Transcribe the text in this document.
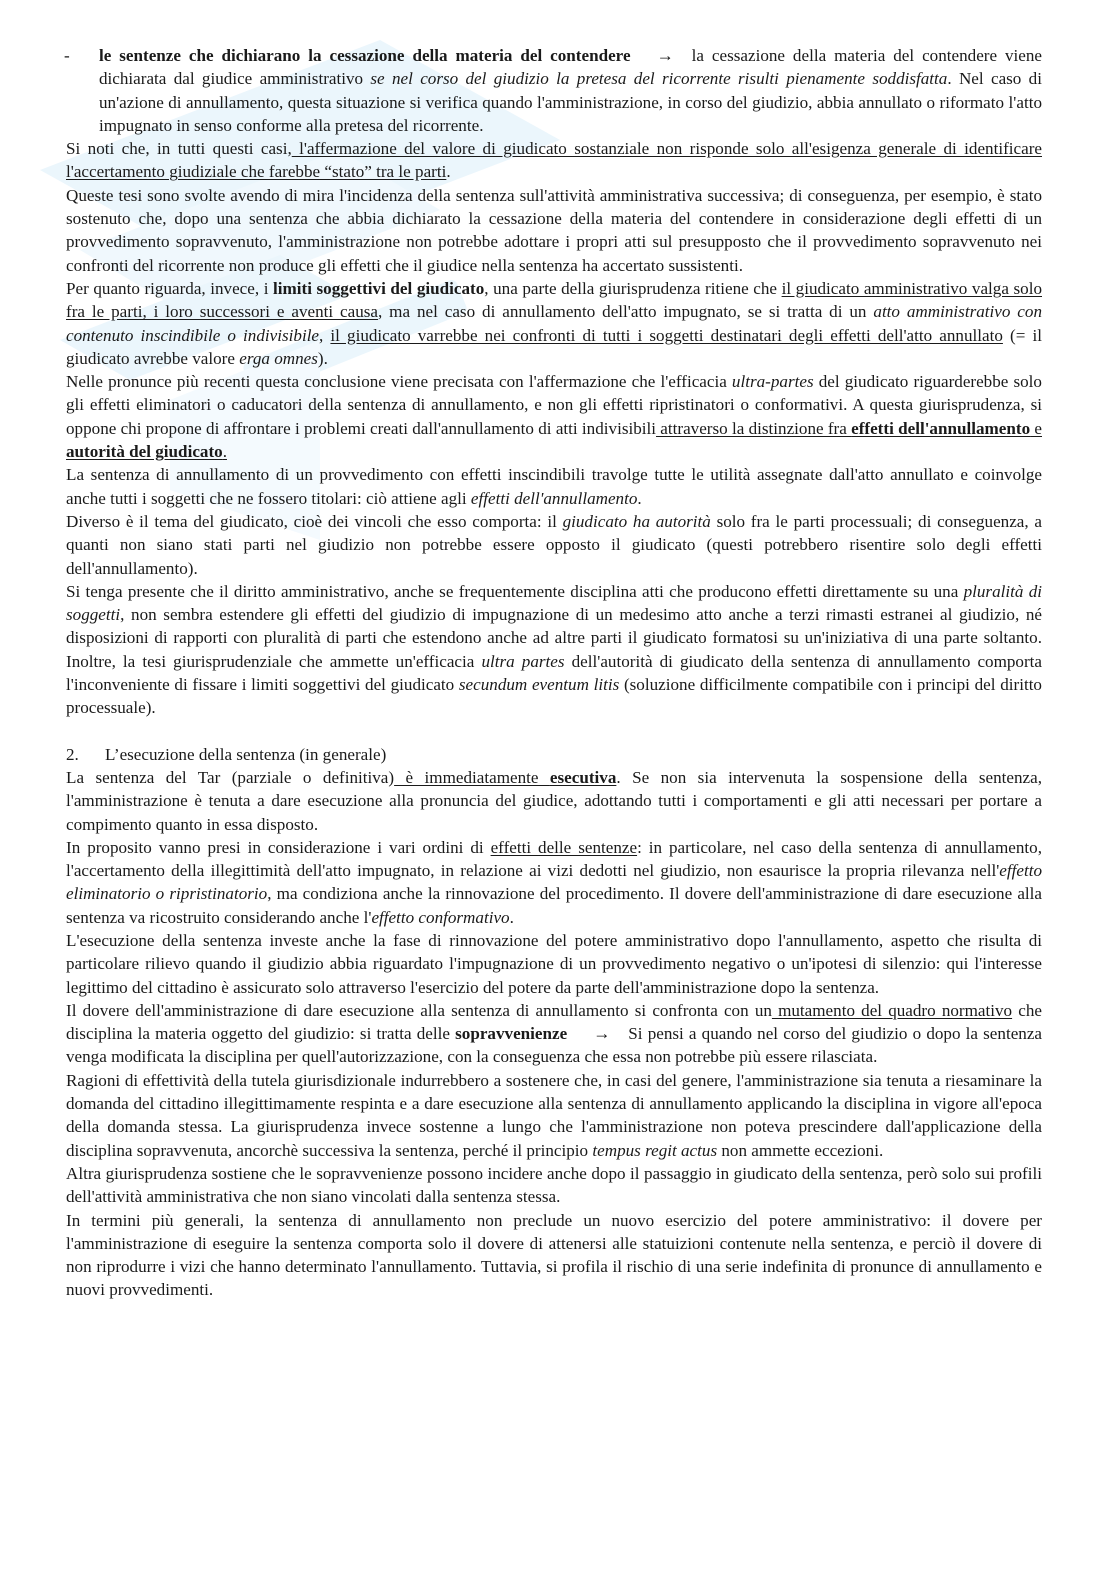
- le sentenze che dichiarano la cessazione della materia del contendere → la cessazione della materia del contendere viene dichiarata dal giudice amministrativo se nel corso del giudizio la pretesa del ricorrente risulti pienamente soddisfatta. Nel caso di un'azione di annullamento, questa situazione si verifica quando l'amministrazione, in corso del giudizio, abbia annullato o riformato l'atto impugnato in senso conforme alla pretesa del ricorrente.

Si noti che, in tutti questi casi, l'affermazione del valore di giudicato sostanziale non risponde solo all'esigenza generale di identificare l'accertamento giudiziale che farebbe “stato” tra le parti.

Queste tesi sono svolte avendo di mira l'incidenza della sentenza sull'attività amministrativa successiva; di conseguenza, per esempio, è stato sostenuto che, dopo una sentenza che abbia dichiarato la cessazione della materia del contendere in considerazione degli effetti di un provvedimento sopravvenuto, l'amministrazione non potrebbe adottare i propri atti sul presupposto che il provvedimento sopravvenuto nei confronti del ricorrente non produce gli effetti che il giudice nella sentenza ha accertato sussistenti.

Per quanto riguarda, invece, i limiti soggettivi del giudicato, una parte della giurisprudenza ritiene che il giudicato amministrativo valga solo fra le parti, i loro successori e aventi causa, ma nel caso di annullamento dell'atto impugnato, se si tratta di un atto amministrativo con contenuto inscindibile o indivisibile, il giudicato varrebbe nei confronti di tutti i soggetti destinatari degli effetti dell'atto annullato (= il giudicato avrebbe valore erga omnes).

Nelle pronunce più recenti questa conclusione viene precisata con l'affermazione che l'efficacia ultra-partes del giudicato riguarderebbe solo gli effetti eliminatori o caducatori della sentenza di annullamento, e non gli effetti ripristinatori o conformativi. A questa giurisprudenza, si oppone chi propone di affrontare i problemi creati dall'annullamento di atti indivisibili attraverso la distinzione fra effetti dell'annullamento e autorità del giudicato.

La sentenza di annullamento di un provvedimento con effetti inscindibili travolge tutte le utilità assegnate dall'atto annullato e coinvolge anche tutti i soggetti che ne fossero titolari: ciò attiene agli effetti dell'annullamento.

Diverso è il tema del giudicato, cioè dei vincoli che esso comporta: il giudicato ha autorità solo fra le parti processuali; di conseguenza, a quanti non siano stati parti nel giudizio non potrebbe essere opposto il giudicato (questi potrebbero risentire solo degli effetti dell'annullamento).

Si tenga presente che il diritto amministrativo, anche se frequentemente disciplina atti che producono effetti direttamente su una pluralità di soggetti, non sembra estendere gli effetti del giudizio di impugnazione di un medesimo atto anche a terzi rimasti estranei al giudizio, né disposizioni di rapporti con pluralità di parti che estendono anche ad altre parti il giudicato formatosi su un'iniziativa di una parte soltanto. Inoltre, la tesi giurisprudenziale che ammette un'efficacia ultra partes dell'autorità di giudicato della sentenza di annullamento comporta l'inconveniente di fissare i limiti soggettivi del giudicato secundum eventum litis (soluzione difficilmente compatibile con i principi del diritto processuale).

2. L’esecuzione della sentenza (in generale)

La sentenza del Tar (parziale o definitiva) è immediatamente esecutiva. Se non sia intervenuta la sospensione della sentenza, l'amministrazione è tenuta a dare esecuzione alla pronuncia del giudice, adottando tutti i comportamenti e gli atti necessari per portare a compimento quanto in essa disposto.

In proposito vanno presi in considerazione i vari ordini di effetti delle sentenze: in particolare, nel caso della sentenza di annullamento, l'accertamento della illegittimità dell'atto impugnato, in relazione ai vizi dedotti nel giudizio, non esaurisce la propria rilevanza nell'effetto eliminatorio o ripristinatorio, ma condiziona anche la rinnovazione del procedimento. Il dovere dell'amministrazione di dare esecuzione alla sentenza va ricostruito considerando anche l'effetto conformativo.

L'esecuzione della sentenza investe anche la fase di rinnovazione del potere amministrativo dopo l'annullamento, aspetto che risulta di particolare rilievo quando il giudizio abbia riguardato l'impugnazione di un provvedimento negativo o un'ipotesi di silenzio: qui l'interesse legittimo del cittadino è assicurato solo attraverso l'esercizio del potere da parte dell'amministrazione dopo la sentenza.

Il dovere dell'amministrazione di dare esecuzione alla sentenza di annullamento si confronta con un mutamento del quadro normativo che disciplina la materia oggetto del giudizio: si tratta delle sopravvenienze → Si pensi a quando nel corso del giudizio o dopo la sentenza venga modificata la disciplina per quell'autorizzazione, con la conseguenza che essa non potrebbe più essere rilasciata.

Ragioni di effettività della tutela giurisdizionale indurrebbero a sostenere che, in casi del genere, l'amministrazione sia tenuta a riesaminare la domanda del cittadino illegittimamente respinta e a dare esecuzione alla sentenza di annullamento applicando la disciplina in vigore all'epoca della domanda stessa. La giurisprudenza invece sostenne a lungo che l'amministrazione non poteva prescindere dall'applicazione della disciplina sopravvenuta, ancorchè successiva la sentenza, perché il principio tempus regit actus non ammette eccezioni.

Altra giurisprudenza sostiene che le sopravvenienze possono incidere anche dopo il passaggio in giudicato della sentenza, però solo sui profili dell'attività amministrativa che non siano vincolati dalla sentenza stessa.

In termini più generali, la sentenza di annullamento non preclude un nuovo esercizio del potere amministrativo: il dovere per l'amministrazione di eseguire la sentenza comporta solo il dovere di attenersi alle statuizioni contenute nella sentenza, e perciò il dovere di non riprodurre i vizi che hanno determinato l'annullamento. Tuttavia, si profila il rischio di una serie indefinita di pronunce di annullamento e nuovi provvedimenti.
